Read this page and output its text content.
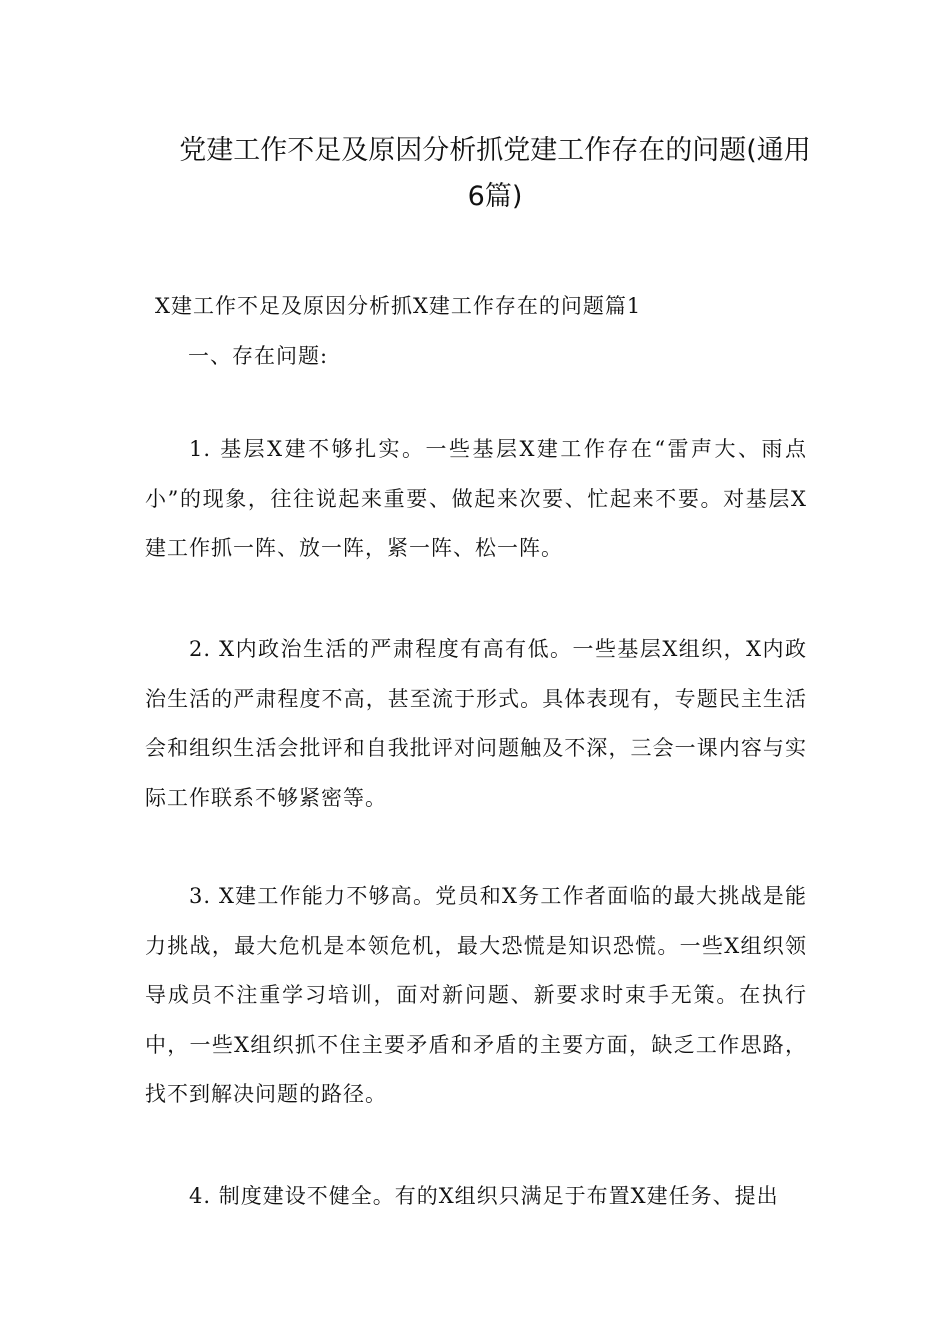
党建工作不足及原因分析抓党建工作存在的问题(通用
6篇)
X建工作不足及原因分析抓X建工作存在的问题篇1
一、存在问题:

1. 基层X建不够扎实。一些基层X建工作存在“雷声大、雨点小”的现象，往往说起来重要、做起来次要、忙起来不要。对基层X建工作抓一阵、放一阵，紧一阵、松一阵。

2. X内政治生活的严肃程度有高有低。一些基层X组织，X内政治生活的严肃程度不高，甚至流于形式。具体表现有，专题民主生活会和组织生活会批评和自我批评对问题触及不深，三会一课内容与实际工作联系不够紧密等。

3. X建工作能力不够高。党员和X务工作者面临的最大挑战是能力挑战，最大危机是本领危机，最大恐慌是知识恐慌。一些X组织领导成员不注重学习培训，面对新问题、新要求时束手无策。在执行中，一些X组织抓不住主要矛盾和矛盾的主要方面，缺乏工作思路，找不到解决问题的路径。

4. 制度建设不健全。有的X组织只满足于布置X建任务、提出
